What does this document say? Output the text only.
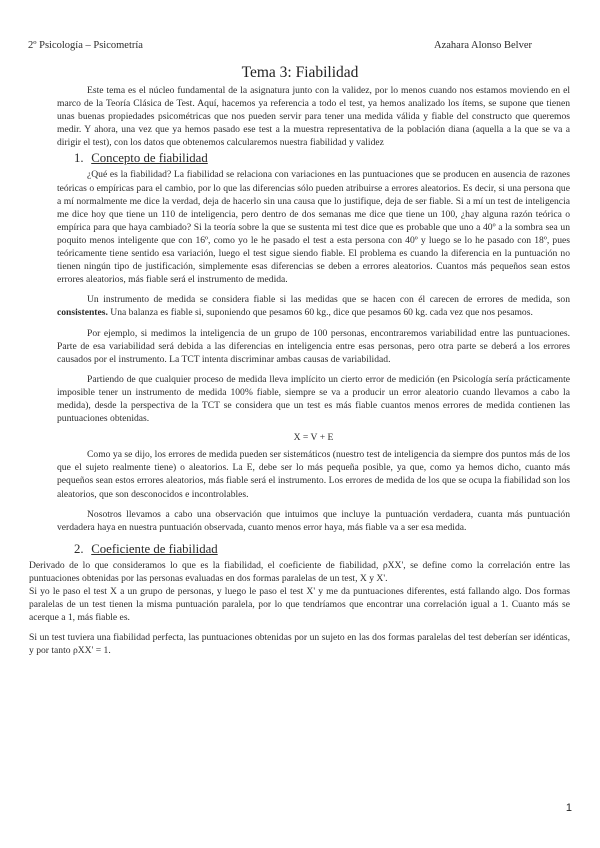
2º Psicología – Psicometría	Azahara Alonso Belver
Tema 3: Fiabilidad

Este tema es el núcleo fundamental de la asignatura junto con la validez, por lo menos cuando nos estamos moviendo en el marco de la Teoría Clásica de Test. Aquí, hacemos ya referencia a todo el test, ya hemos analizado los ítems, se supone que tienen unas buenas propiedades psicométricas que nos pueden servir para tener una medida válida y fiable del constructo que queremos medir. Y ahora, una vez que ya hemos pasado ese test a la muestra representativa de la población diana (aquella a la que se va a dirigir el test), con los datos que obtenemos calcularemos nuestra fiabilidad y validez

1. Concepto de fiabilidad

¿Qué es la fiabilidad? La fiabilidad se relaciona con variaciones en las puntuaciones que se producen en ausencia de razones teóricas o empíricas para el cambio, por lo que las diferencias sólo pueden atribuirse a errores aleatorios. Es decir, si una persona que a mí normalmente me dice la verdad, deja de hacerlo sin una causa que lo justifique, deja de ser fiable. Si a mí un test de inteligencia me dice hoy que tiene un 110 de inteligencia, pero dentro de dos semanas me dice que tiene un 100, ¿hay alguna razón teórica o empírica para que haya cambiado? Si la teoría sobre la que se sustenta mi test dice que es probable que uno a 40º a la sombra sea un poquito menos inteligente que con 16º, como yo le he pasado el test a esta persona con 40º y luego se lo he pasado con 18º, pues teóricamente tiene sentido esa variación, luego el test sigue siendo fiable. El problema es cuando la diferencia en la puntuación no tienen ningún tipo de justificación, simplemente esas diferencias se deben a errores aleatorios. Cuantos más pequeños sean estos errores aleatorios, más fiable será el instrumento de medida.

Un instrumento de medida se considera fiable si las medidas que se hacen con él carecen de errores de medida, son consistentes. Una balanza es fiable si, suponiendo que pesamos 60 kg., dice que pesamos 60 kg. cada vez que nos pesamos.

Por ejemplo, si medimos la inteligencia de un grupo de 100 personas, encontraremos variabilidad entre las puntuaciones. Parte de esa variabilidad será debida a las diferencias en inteligencia entre esas personas, pero otra parte se deberá a los errores causados por el instrumento. La TCT intenta discriminar ambas causas de variabilidad.

Partiendo de que cualquier proceso de medida lleva implícito un cierto error de medición (en Psicología sería prácticamente imposible tener un instrumento de medida 100% fiable, siempre se va a producir un error aleatorio cuando llevamos a cabo la medida), desde la perspectiva de la TCT se considera que un test es más fiable cuantos menos errores de medida contienen las puntuaciones obtenidas.

X = V + E

Como ya se dijo, los errores de medida pueden ser sistemáticos (nuestro test de inteligencia da siempre dos puntos más de los que el sujeto realmente tiene) o aleatorios. La E, debe ser lo más pequeña posible, ya que, como ya hemos dicho, cuanto más pequeños sean estos errores aleatorios, más fiable será el instrumento. Los errores de medida de los que se ocupa la fiabilidad son los aleatorios, que son desconocidos e incontrolables.

Nosotros llevamos a cabo una observación que intuimos que incluye la puntuación verdadera, cuanta más puntuación verdadera haya en nuestra puntuación observada, cuanto menos error haya, más fiable va a ser esa medida.

2. Coeficiente de fiabilidad

Derivado de lo que consideramos lo que es la fiabilidad, el coeficiente de fiabilidad, ρXX', se define como la correlación entre las puntuaciones obtenidas por las personas evaluadas en dos formas paralelas de un test, X y X'.

Si yo le paso el test X a un grupo de personas, y luego le paso el test X' y me da puntuaciones diferentes, está fallando algo. Dos formas paralelas de un test tienen la misma puntuación paralela, por lo que tendríamos que encontrar una correlación igual a 1. Cuanto más se acerque a 1, más fiable es.

Si un test tuviera una fiabilidad perfecta, las puntuaciones obtenidas por un sujeto en las dos formas paralelas del test deberían ser idénticas, y por tanto ρXX' = 1.

1
